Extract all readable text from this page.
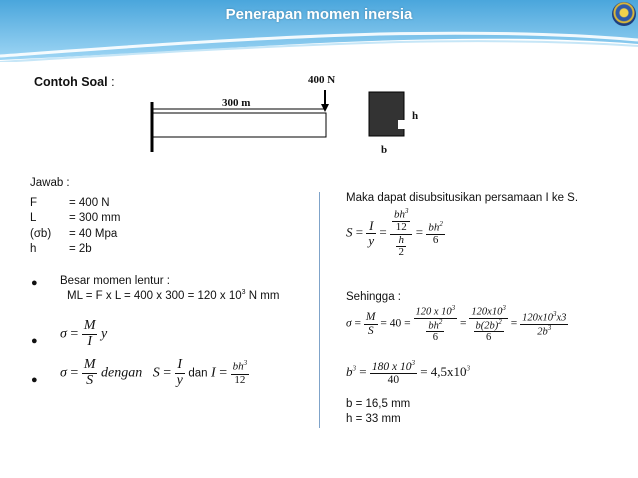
Penerapan momen inersia
Contoh Soal :	400 N
300 m
h
b
Jawab :
F	= 400 N
L	= 300 mm
(σb) = 40 Mpa
h	= 2b
● Besar momen lentur :
ML = F x L = 400 x 300 = 120 x $10^3$ N mm
● $\sigma = \frac{M}{I}$ y
● $\sigma = \frac{M}{S}$ dengan   $S = \frac{I}{y}$ dan $I = \frac{bh^3}{12}$
Maka dapat disubsitusikan persamaan I ke S.
$S = \frac{I}{y} = \frac{\frac{bh^3}{12}}{\frac{h}{2}} = \frac{bh^2}{6}$
Sehingga :
$\sigma = \frac{M}{S} = 40 = \frac{120 x 10^3}{\frac{bh^2}{6}} = \frac{120x10^3}{\frac{b(2b)^2}{6}} = \frac{120x10^3x3}{2b^3}$
$b^3 = \frac{180 x 10^3}{40} = 4,5x10^3$
b = 16,5 mm
h = 33 mm
